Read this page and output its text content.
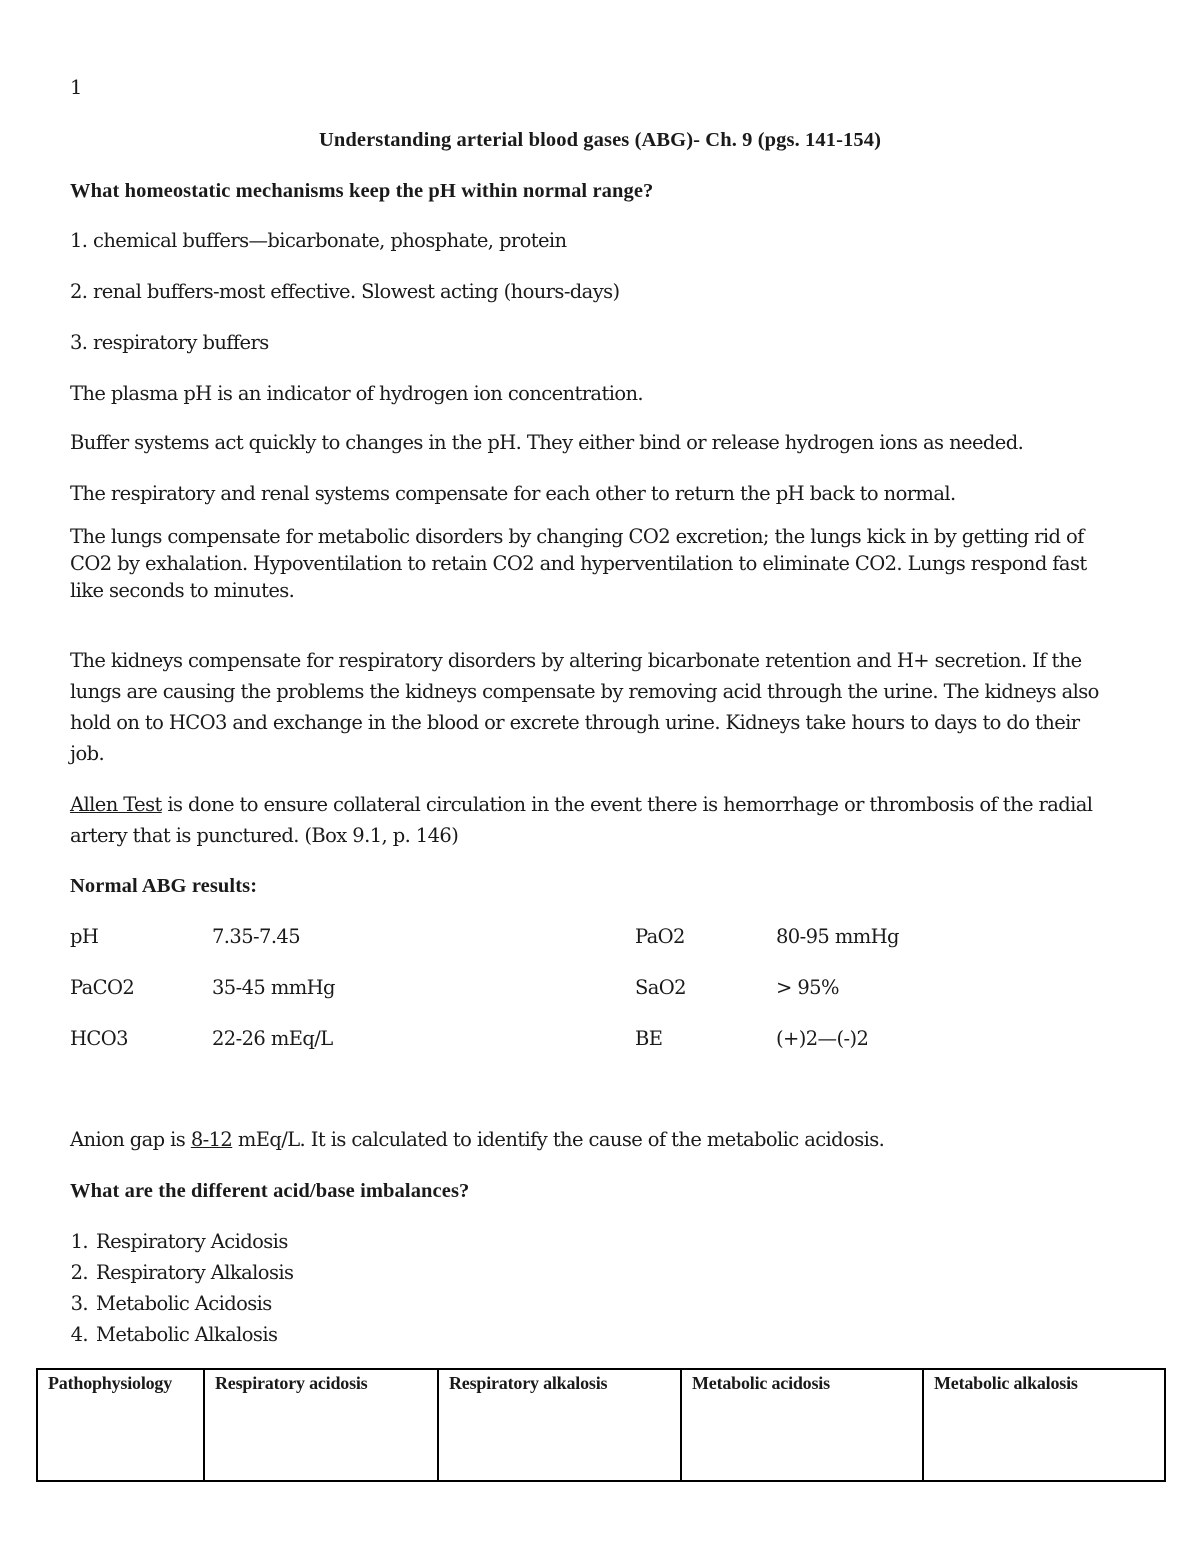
1
Understanding arterial blood gases (ABG)- Ch. 9 (pgs. 141-154)
What homeostatic mechanisms keep the pH within normal range?
1. chemical buffers—bicarbonate, phosphate, protein
2. renal buffers-most effective. Slowest acting (hours-days)
3. respiratory buffers
The plasma pH is an indicator of hydrogen ion concentration.
Buffer systems act quickly to changes in the pH. They either bind or release hydrogen ions as needed.
The respiratory and renal systems compensate for each other to return the pH back to normal.
The lungs compensate for metabolic disorders by changing CO2 excretion; the lungs kick in by getting rid of
CO2 by exhalation. Hypoventilation to retain CO2 and hyperventilation to eliminate CO2. Lungs respond fast
like seconds to minutes.
The kidneys compensate for respiratory disorders by altering bicarbonate retention and H+ secretion. If the
lungs are causing the problems the kidneys compensate by removing acid through the urine. The kidneys also
hold on to HCO3 and exchange in the blood or excrete through urine. Kidneys take hours to days to do their
job.
Allen Test is done to ensure collateral circulation in the event there is hemorrhage or thrombosis of the radial
artery that is punctured. (Box 9.1, p. 146)
Normal ABG results:
pH	7.35-7.45	PaO2	80-95 mmHg
PaCO2	35-45 mmHg	SaO2	> 95%
HCO3	22-26 mEq/L	BE	(+)2—(-)2
Anion gap is 8-12 mEq/L. It is calculated to identify the cause of the metabolic acidosis.
What are the different acid/base imbalances?
1. Respiratory Acidosis
2. Respiratory Alkalosis
3. Metabolic Acidosis
4. Metabolic Alkalosis
Pathophysiology	Respiratory acidosis	Respiratory alkalosis	Metabolic acidosis	Metabolic alkalosis
